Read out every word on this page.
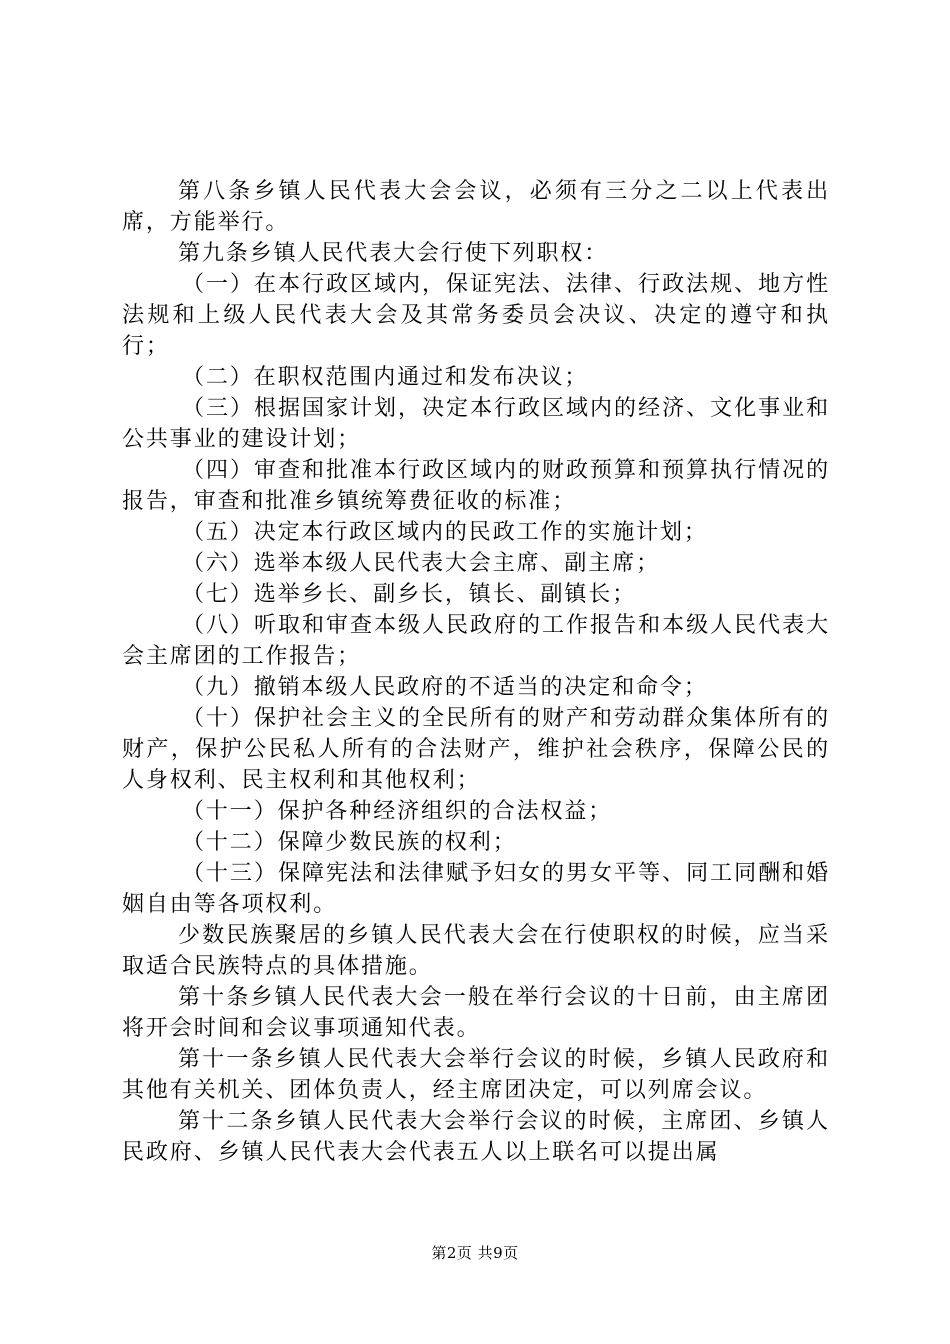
第八条乡镇人民代表大会会议，必须有三分之二以上代表出席，方能举行。

第九条乡镇人民代表大会行使下列职权：

（一）在本行政区域内，保证宪法、法律、行政法规、地方性法规和上级人民代表大会及其常务委员会决议、决定的遵守和执行；

（二）在职权范围内通过和发布决议；

（三）根据国家计划，决定本行政区域内的经济、文化事业和公共事业的建设计划；

（四）审查和批准本行政区域内的财政预算和预算执行情况的报告，审查和批准乡镇统筹费征收的标准；

（五）决定本行政区域内的民政工作的实施计划；

（六）选举本级人民代表大会主席、副主席；

（七）选举乡长、副乡长，镇长、副镇长；

（八）听取和审查本级人民政府的工作报告和本级人民代表大会主席团的工作报告；

（九）撤销本级人民政府的不适当的决定和命令；

（十）保护社会主义的全民所有的财产和劳动群众集体所有的财产，保护公民私人所有的合法财产，维护社会秩序，保障公民的人身权利、民主权利和其他权利；

（十一）保护各种经济组织的合法权益；

（十二）保障少数民族的权利；

（十三）保障宪法和法律赋予妇女的男女平等、同工同酬和婚姻自由等各项权利。

少数民族聚居的乡镇人民代表大会在行使职权的时候，应当采取适合民族特点的具体措施。

第十条乡镇人民代表大会一般在举行会议的十日前，由主席团将开会时间和会议事项通知代表。

第十一条乡镇人民代表大会举行会议的时候，乡镇人民政府和其他有关机关、团体负责人，经主席团决定，可以列席会议。

第十二条乡镇人民代表大会举行会议的时候，主席团、乡镇人民政府、乡镇人民代表大会代表五人以上联名可以提出属

第2页 共9页
